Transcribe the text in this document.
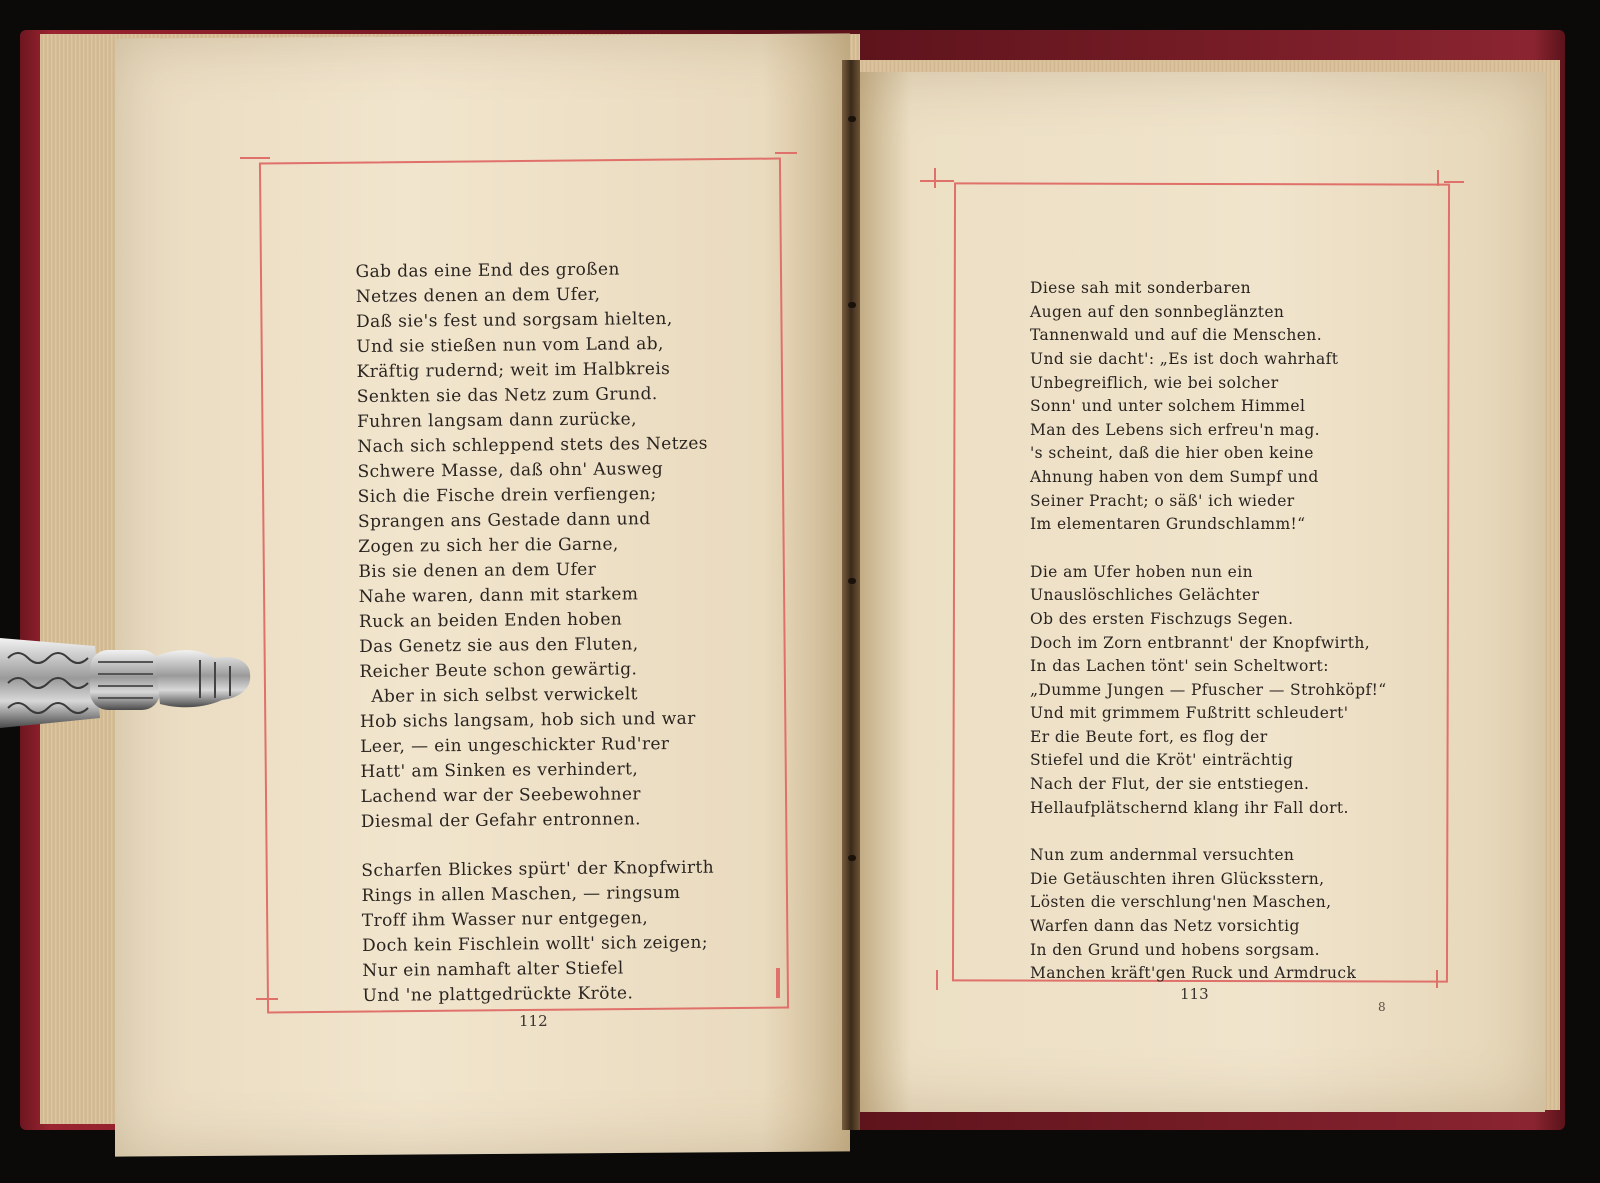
Gab das eine End des großen
Netzes denen an dem Ufer,
Daß sie's fest und sorgsam hielten,
Und sie stießen nun vom Land ab,
Kräftig rudernd; weit im Halbkreis
Senkten sie das Netz zum Grund.
Fuhren langsam dann zurücke,
Nach sich schleppend stets des Netzes
Schwere Masse, daß ohn' Ausweg
Sich die Fische drein verfiengen;
Sprangen ans Gestade dann und
Zogen zu sich her die Garne,
Bis sie denen an dem Ufer
Nahe waren, dann mit starkem
Ruck an beiden Enden hoben
Das Genetz sie aus den Fluten,
Reicher Beute schon gewärtig.
Aber in sich selbst verwickelt
Hob sichs langsam, hob sich und war
Leer, — ein ungeschickter Rud'rer
Hatt' am Sinken es verhindert,
Lachend war der Seebewohner
Diesmal der Gefahr entronnen.
Scharfen Blickes spürt' der Knopfwirth
Rings in allen Maschen, — ringsum
Troff ihm Wasser nur entgegen,
Doch kein Fischlein wollt' sich zeigen;
Nur ein namhaft alter Stiefel
Und 'ne plattgedrückte Kröte.

112

Diese sah mit sonderbaren
Augen auf den sonnbeglänzten
Tannenwald und auf die Menschen.
Und sie dacht': „Es ist doch wahrhaft
Unbegreiflich, wie bei solcher
Sonn' und unter solchem Himmel
Man des Lebens sich erfreu'n mag.
's scheint, daß die hier oben keine
Ahnung haben von dem Sumpf und
Seiner Pracht; o säß' ich wieder
Im elementaren Grundschlamm!“
Die am Ufer hoben nun ein
Unauslöschliches Gelächter
Ob des ersten Fischzugs Segen.
Doch im Zorn entbrannt' der Knopfwirth,
In das Lachen tönt' sein Scheltwort:
„Dumme Jungen — Pfuscher — Strohköpf!“
Und mit grimmem Fußtritt schleudert'
Er die Beute fort, es flog der
Stiefel und die Kröt' einträchtig
Nach der Flut, der sie entstiegen.
Hellaufplätschernd klang ihr Fall dort.
Nun zum andernmal versuchten
Die Getäuschten ihren Glücksstern,
Lösten die verschlung'nen Maschen,
Warfen dann das Netz vorsichtig
In den Grund und hobens sorgsam.
Manchen kräft'gen Ruck und Armdruck

113
8
